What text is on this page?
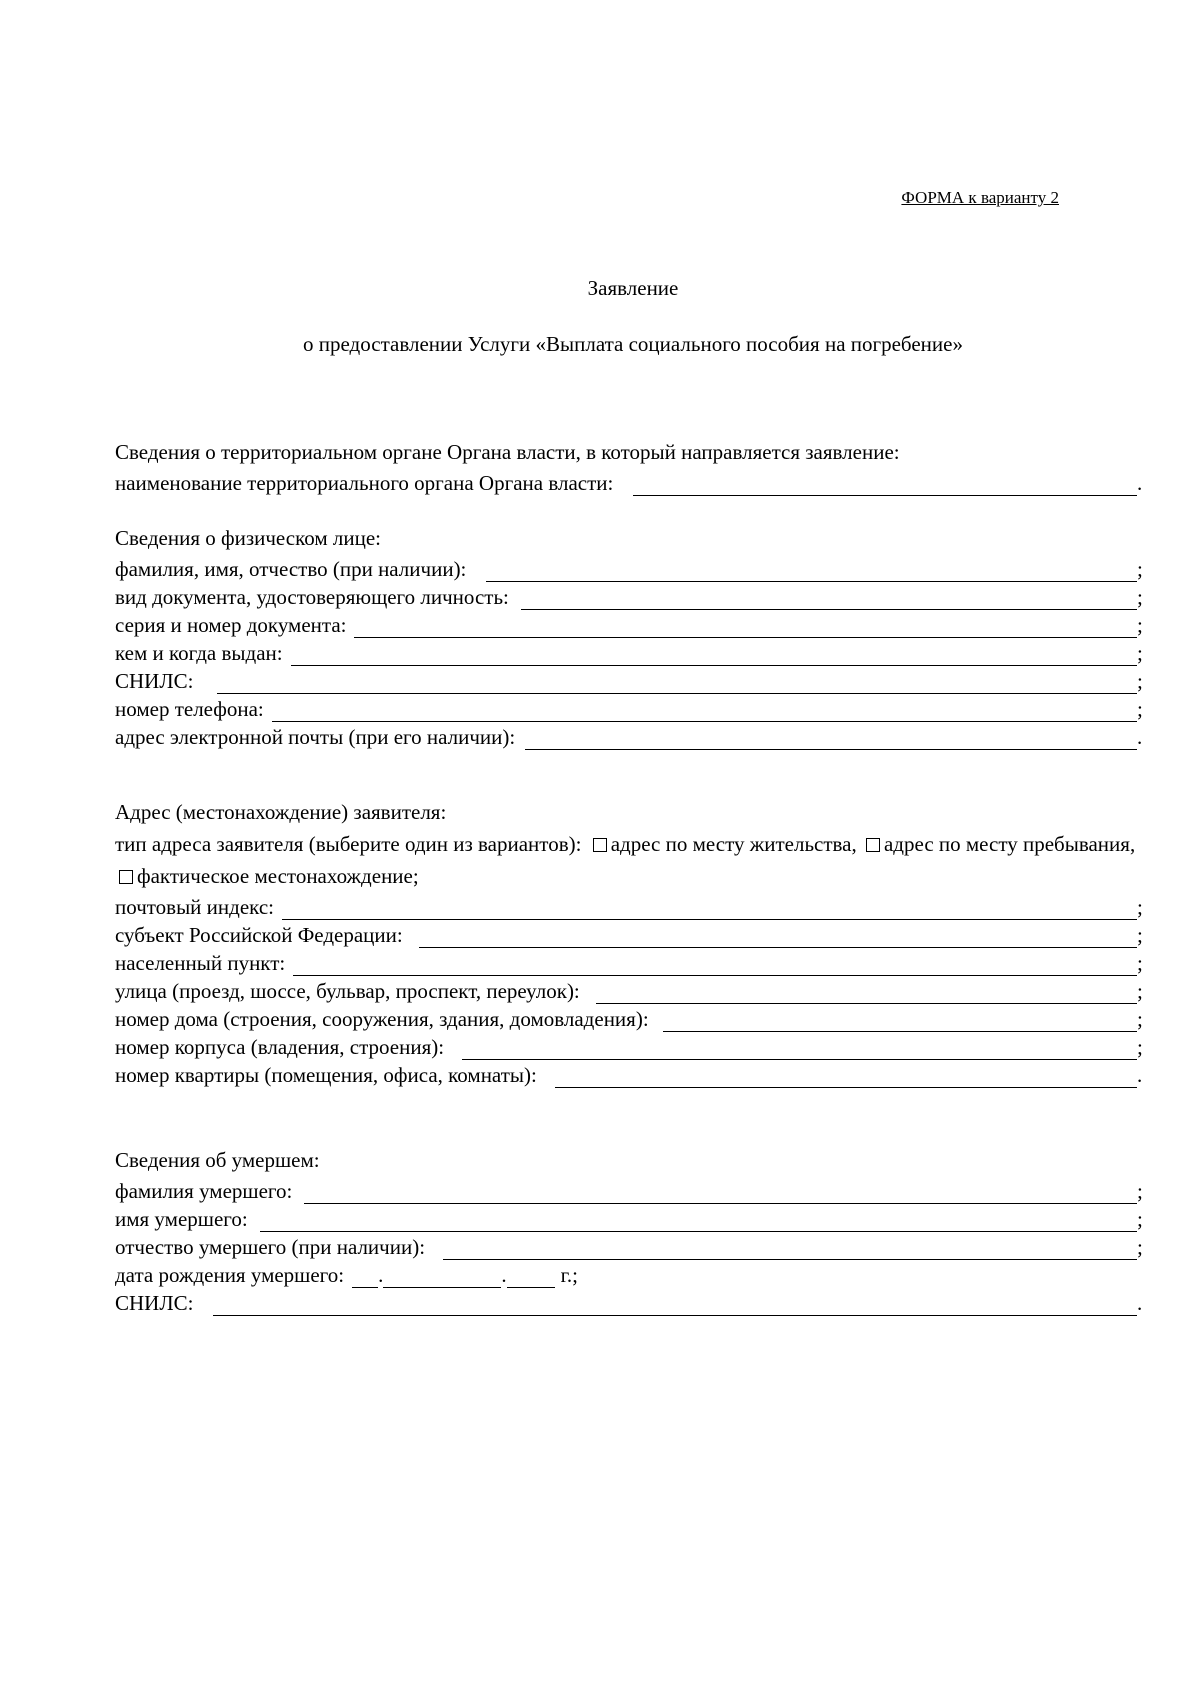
ФОРМА к варианту 2
Заявление
о предоставлении Услуги «Выплата социального пособия на погребение»
Сведения о территориальном органе Органа власти, в который направляется заявление:
наименование территориального органа Органа власти:	.
Сведения о физическом лице:
фамилия, имя, отчество (при наличии):	;
вид документа, удостоверяющего личность:	;
серия и номер документа:	;
кем и когда выдан:	;
СНИЛС:	;
номер телефона:	;
адрес электронной почты (при его наличии):	.
Адрес (местонахождение) заявителя:
тип адреса заявителя (выберите один из вариантов): адрес по месту жительства, адрес по месту пребывания, фактическое местонахождение;
почтовый индекс:	;
субъект Российской Федерации:	;
населенный пункт:	;
улица (проезд, шоссе, бульвар, проспект, переулок):	;
номер дома (строения, сооружения, здания, домовладения):	;
номер корпуса (владения, строения):	;
номер квартиры (помещения, офиса, комнаты):	.
Сведения об умершем:
фамилия умершего:	;
имя умершего:	;
отчество умершего (при наличии):	;
дата рождения умершего: .	.	г.;
СНИЛС:	.
